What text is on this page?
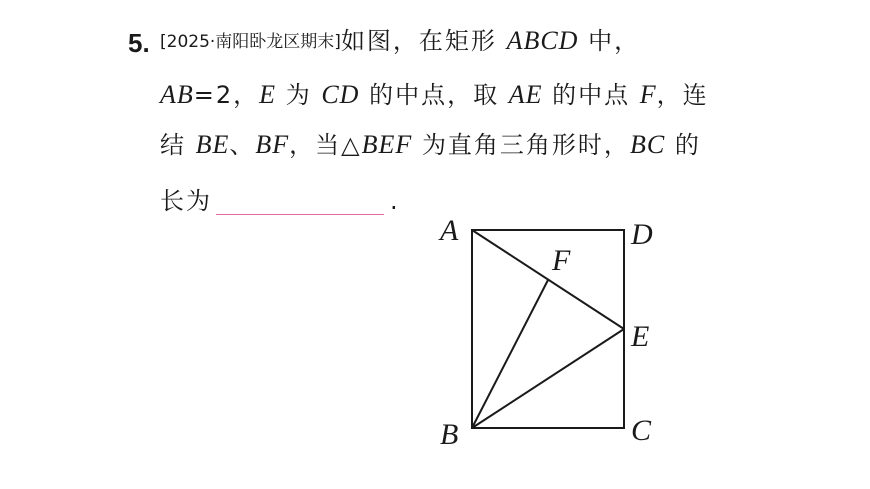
5. [2025·南阳卧龙区期末]如图，在矩形 ABCD 中，
AB=2，E 为 CD 的中点，取 AE 的中点 F，连
结 BE、BF，当△BEF 为直角三角形时，BC 的
长为	.
A	D
F
E
B	C
